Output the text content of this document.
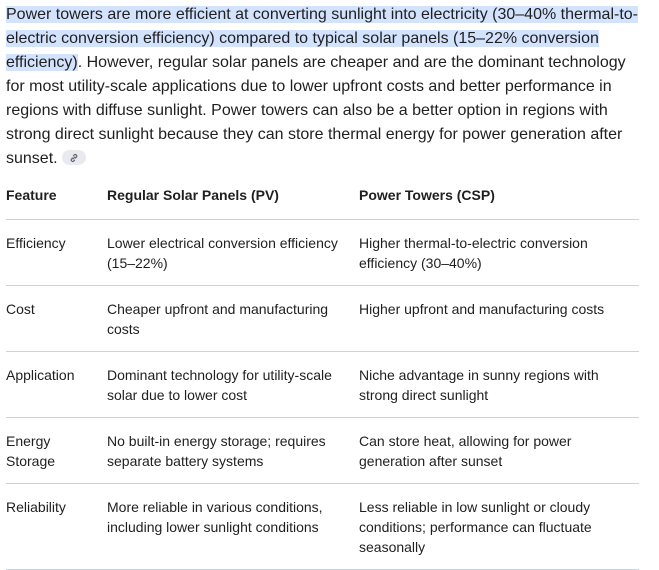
Power towers are more efficient at converting sunlight into electricity (30–40% thermal-to-electric conversion efficiency) compared to typical solar panels (15–22% conversion efficiency). However, regular solar panels are cheaper and are the dominant technology for most utility-scale applications due to lower upfront costs and better performance in regions with diffuse sunlight. Power towers can also be a better option in regions with strong direct sunlight because they can store thermal energy for power generation after sunset.

Feature	Regular Solar Panels (PV)	Power Towers (CSP)
Efficiency	Lower electrical conversion efficiency (15–22%)	Higher thermal-to-electric conversion efficiency (30–40%)
Cost	Cheaper upfront and manufacturing costs	Higher upfront and manufacturing costs
Application	Dominant technology for utility-scale solar due to lower cost	Niche advantage in sunny regions with strong direct sunlight
Energy Storage	No built-in energy storage; requires separate battery systems	Can store heat, allowing for power generation after sunset
Reliability	More reliable in various conditions, including lower sunlight conditions	Less reliable in low sunlight or cloudy conditions; performance can fluctuate seasonally
